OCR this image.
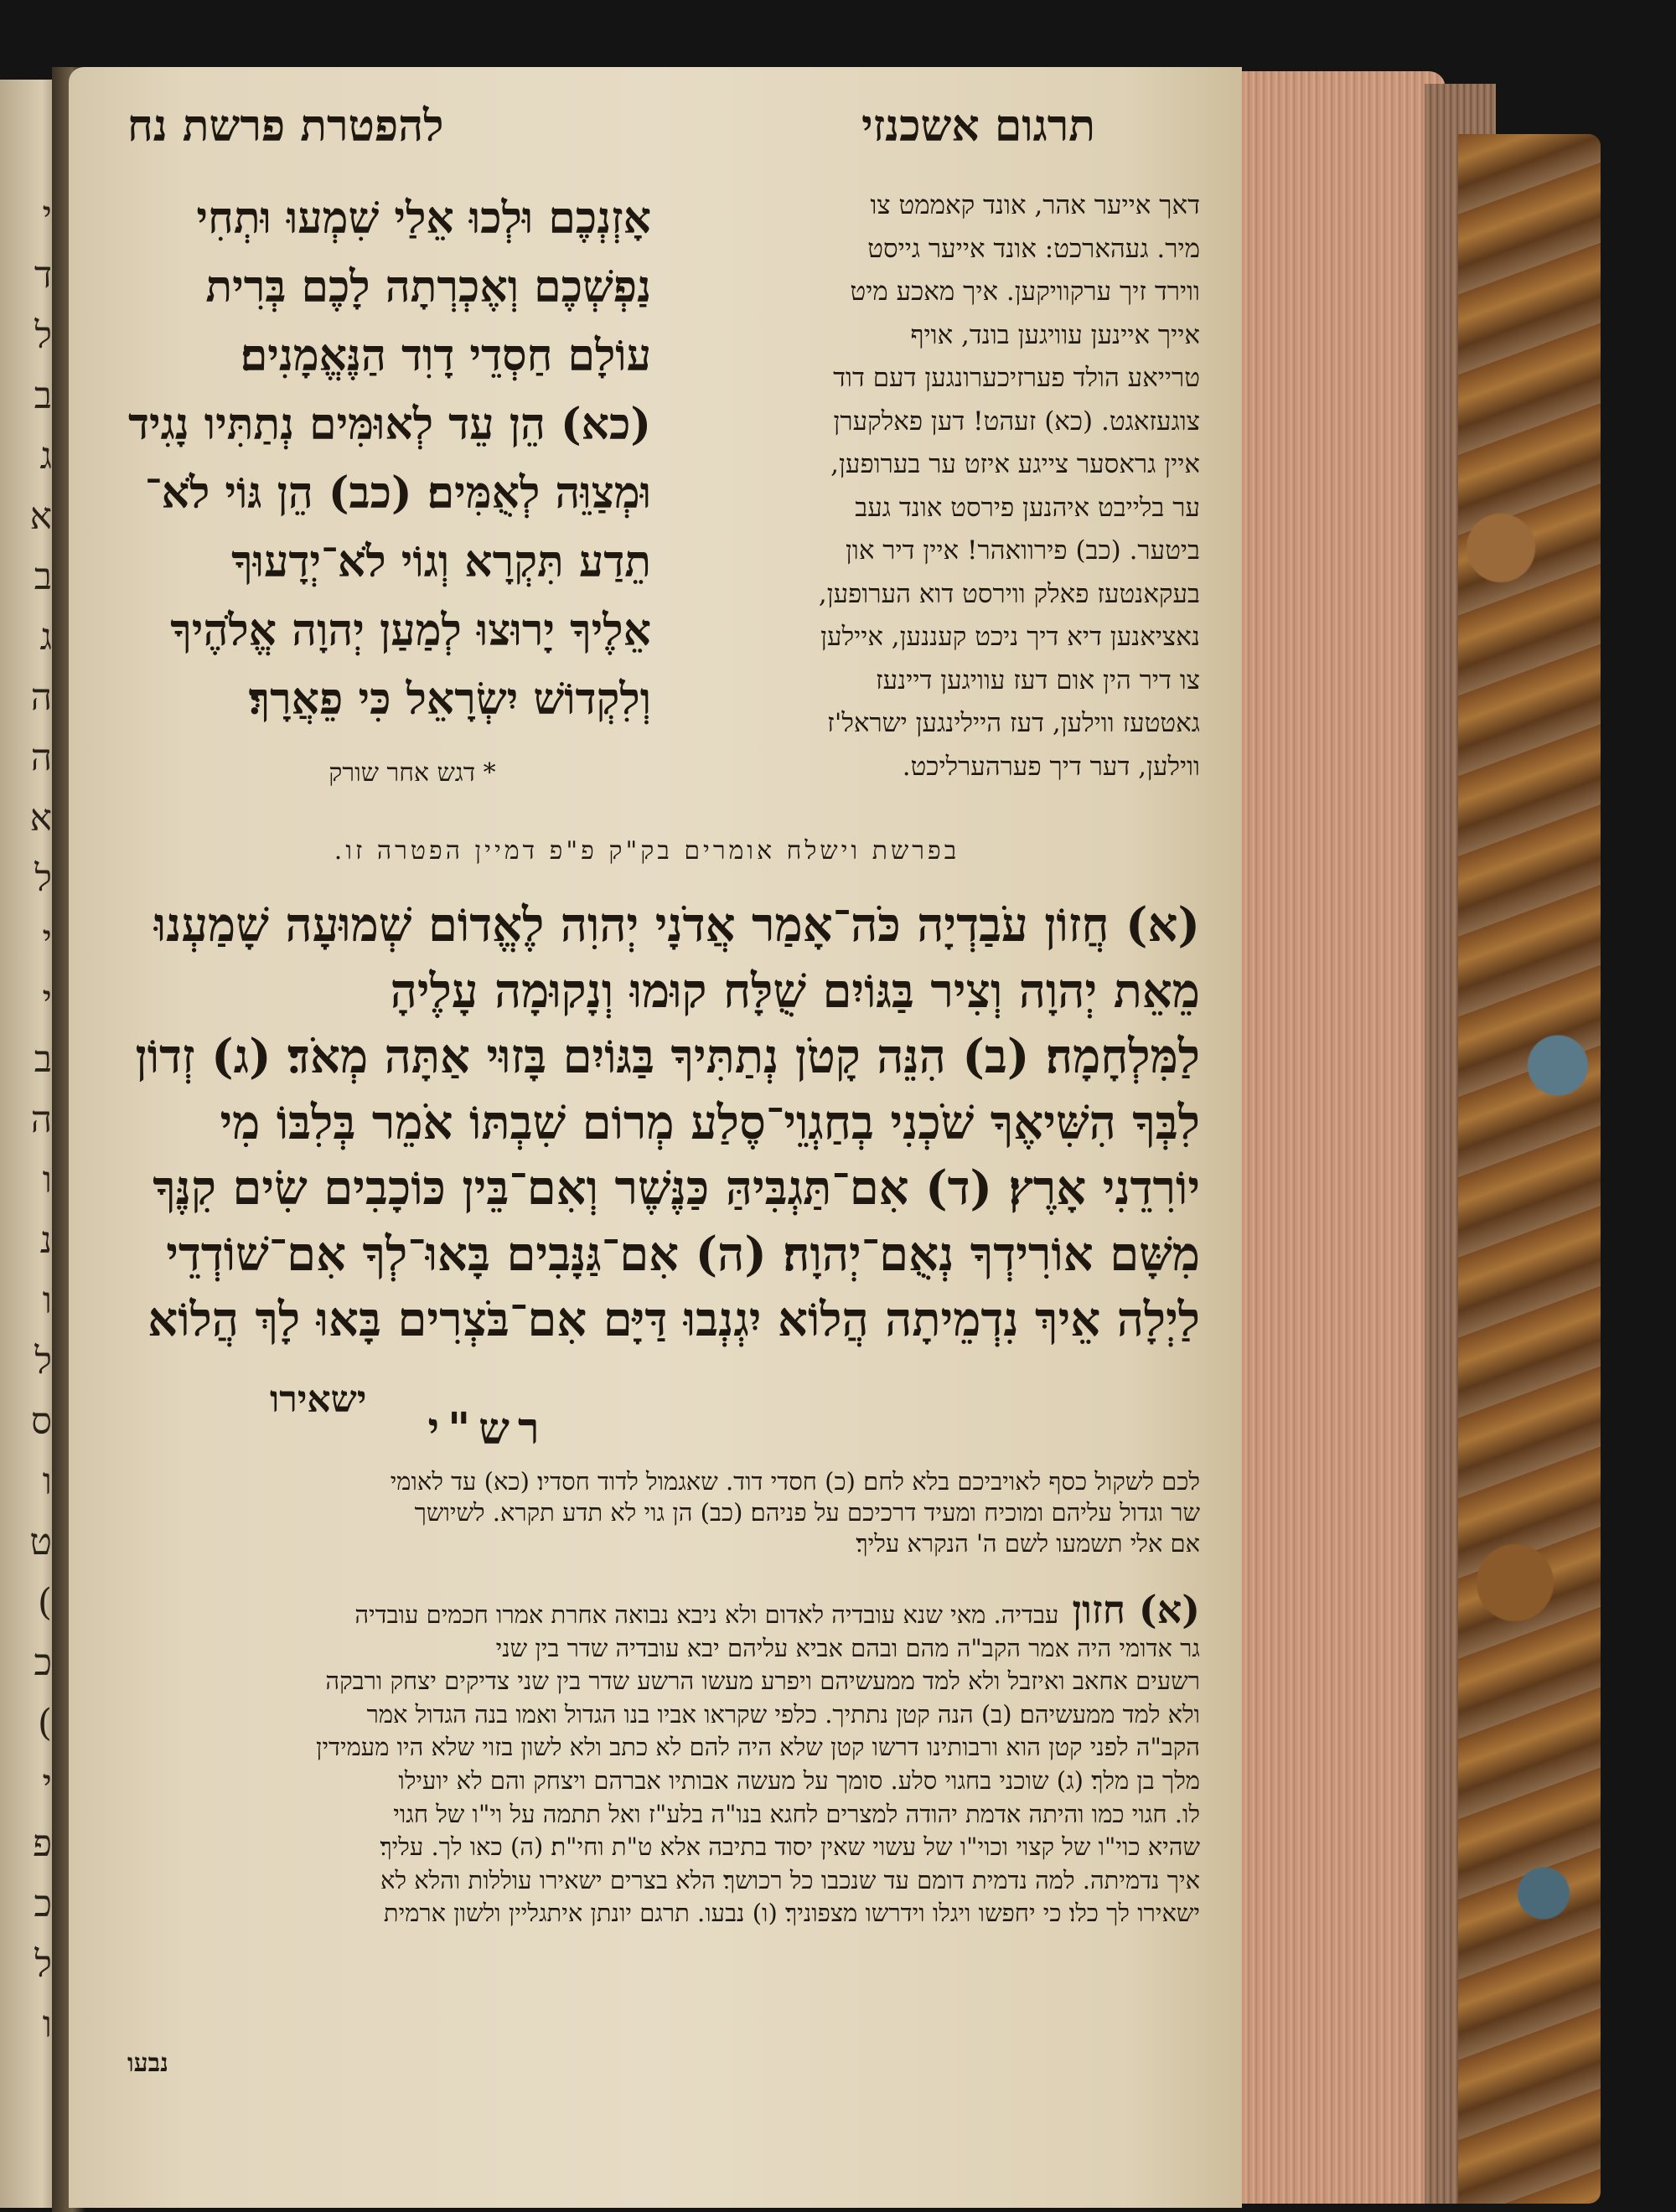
י
ד
ל
ב
ג
א
ב
ג
ה
ה
א
ל
י
י
ב
ה
ו
נ
ו
ל
ס
ו
ט
(
כ
(
י
פ
כ
ל
ו
להפטרת פרשת נח	תרגום אשכנזי

אָזְנְכֶם וּלְכוּ אֵלַי שִׁמְעוּ וּתְחִי

נַפְשְׁכֶם וְאֶכְרְתָה לָכֶם בְּרִית

עוֹלָם חַסְדֵי דָוִד הַנֶּאֱמָנִים׃

(כא) הֵן עֵד לְאוּמִּים נְתַתִּיו נָגִיד

וּמְצַוֵּה לְאֻמִּים׃ (כב) הֵן גּוֹי לֹא־

תֵדַע תִּקְרָא וְגוֹי לֹא־יְדָעוּךָ

אֵלֶיךָ יָרוּצוּ לְמַעַן יְהוָה אֱלֹהֶיךָ

וְלִקְדוֹשׁ יִשְׂרָאֵל כִּי פֵאֲרָךְ׃

דאך אייער אהר, אונד קאממט צו

מיר. געהארכט: אונד אייער גייסט

ווירד זיך ערקוויקען. איך מאכע מיט

אייך איינען עוויגען בונד, אויף

טרייאע הולד פערזיכערונגען דעם דוד

צוגעזאגט. (כא) זעהט! דען פאלקערן

איין גראסער צייגע איזט ער בערופען,

ער בלייבט איהנען פירסט אונד געב

ביטער. (כב) פירוואהר! איין דיר און

בעקאנטעז פאלק ווירסט דוא הערופען,

נאציאנען דיא דיך ניכט קעננען, איילען

צו דיר הין אום דעז עוויגען דיינעז

גאטטעז ווילען, דעז היילינגען ישראל'ז

ווילען, דער דיך פערהערליכט.

* דגש אחר שורק
בפרשת וישלח אומרים בק"ק פ"פ דמיין הפטרה זו.

(א) חֲזוֹן עֹבַדְיָה כֹּה־אָמַר אֲדֹנָי יְהוִה לֶאֱדוֹם שְׁמוּעָה שָׁמַעְנוּ

מֵאֵת יְהוָה וְצִיר בַּגּוֹיִם שֻׁלָּח קוּמוּ וְנָקוּמָה עָלֶיהָ

לַמִּלְחָמָה׃ (ב) הִנֵּה קָטֹן נְתַתִּיךָ בַּגּוֹיִם בָּזוּי אַתָּה מְאֹד׃ (ג) זְדוֹן

לִבְּךָ הִשִּׁיאֶךָ שֹׁכְנִי בְחַגְוֵי־סֶלַע מְרוֹם שִׁבְתּוֹ אֹמֵר בְּלִבּוֹ מִי

יוֹרִדֵנִי אָרֶץ׃ (ד) אִם־תַּגְבִּיהַּ כַּנֶּשֶׁר וְאִם־בֵּין כּוֹכָבִים שִׂים קִנֶּךָ

מִשָּׁם אוֹרִידְךָ נְאֻם־יְהוָה׃ (ה) אִם־גַּנָּבִים בָּאוּ־לְךָ אִם־שׁוֹדְדֵי

לַיְלָה אֵיךְ נִדְמֵיתָה הֲלוֹא יִגְנְבוּ דַּיָּם אִם־בֹּצְרִים בָּאוּ לָךְ הֲלוֹא

ישאירו
רש"י

לכם לשקול כסף לאויביכם בלא לחם׃ (כ) חסדי דוד. שאגמול לדוד חסדיו׃ (כא) עד לאומי

שר וגדול עליהם ומוכיח ומעיד דרכיכם על פניהם׃ (כב) הן גוי לא תדע תקרא. לשיושך

אם אלי תשמעו לשם ה' הנקרא עליך׃

(א) חזון עבדיה. מאי שנא עובדיה לאדום ולא ניבא נבואה אחרת אמרו חכמים עובדיה

גר אדומי היה אמר הקב"ה מהם ובהם אביא עליהם יבא עובדיה שדר בין שני

רשעים אחאב ואיזבל ולא למד ממעשיהם ויפרע מעשו הרשע שדר בין שני צדיקים יצחק ורבקה

ולא למד ממעשיהם׃ (ב) הנה קטן נתתיך. כלפי שקראו אביו בנו הגדול ואמו בנה הגדול אמר

הקב"ה לפני קטן הוא ורבותינו דרשו קטן שלא היה להם לא כתב ולא לשון בזוי שלא היו מעמידין

מלך בן מלך׃ (ג) שוכני בחגוי סלע. סומך על מעשה אבותיו אברהם ויצחק והם לא יועילו

לו. חגוי כמו והיתה אדמת יהודה למצרים לחגא בנו"ה בלע"ז ואל תתמה על וי"ו של חגוי

שהיא כוי"ו של קצוי וכוי"ו של עשוי שאין יסוד בתיבה אלא ט"ת וחי"ת׃ (ה) כאו לך. עליך׃

איך נדמיתה. למה נדמית דומם עד שנכבו כל רכושך׃ הלא בצרים ישאירו עוללות והלא לא

ישאירו לך כלו׃ כי יחפשו ויגלו וידרשו מצפוניך׃ (ו) נבעו. תרגם יונתן איתגליין ולשון ארמית

נבעו
